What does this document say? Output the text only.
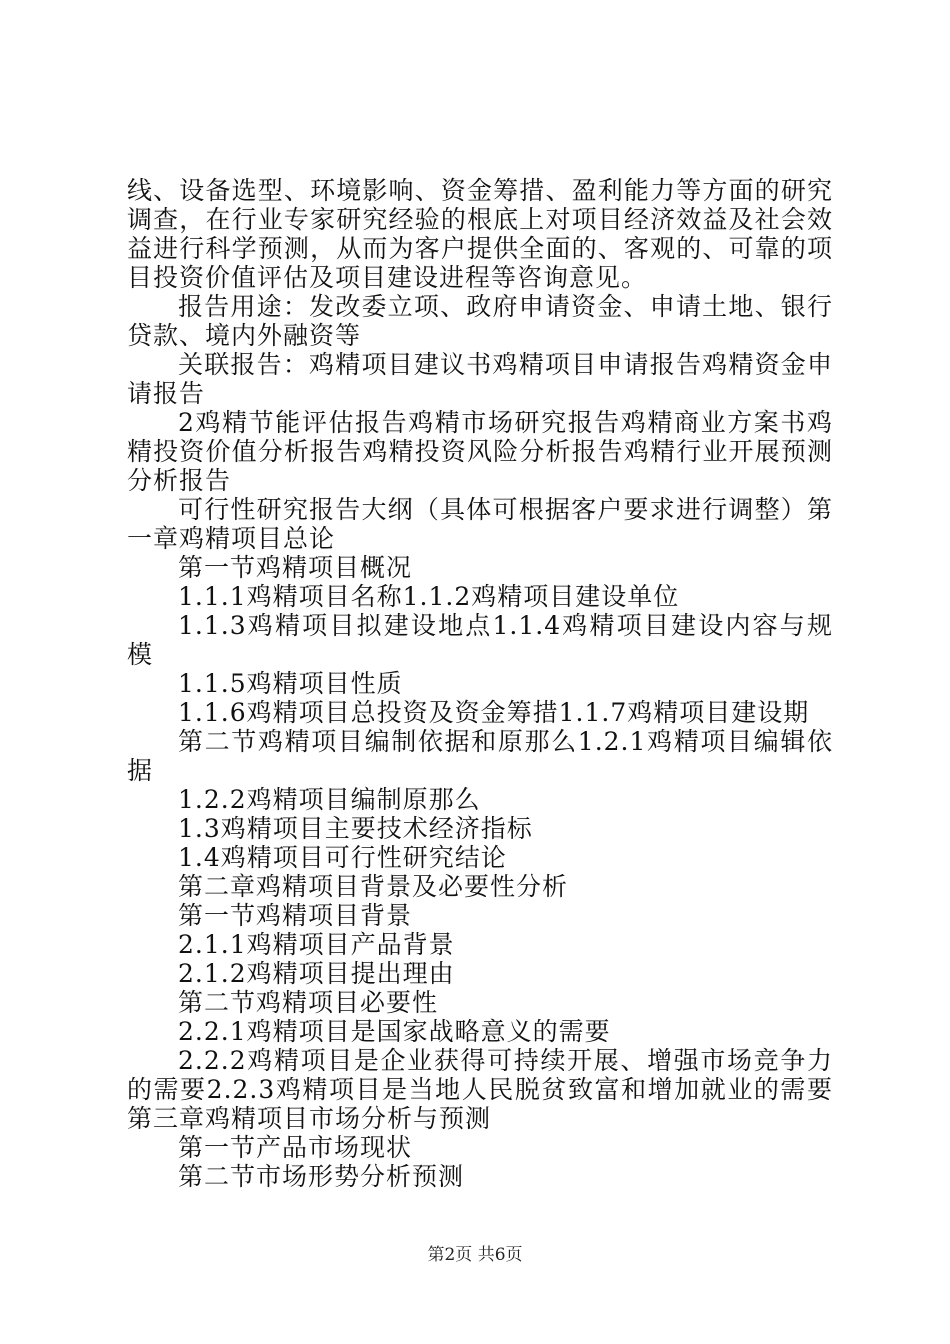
线、设备选型、环境影响、资金筹措、盈利能力等方面的研究调查，在行业专家研究经验的根底上对项目经济效益及社会效益进行科学预测，从而为客户提供全面的、客观的、可靠的项目投资价值评估及项目建设进程等咨询意见。

报告用途：发改委立项、政府申请资金、申请土地、银行贷款、境内外融资等

关联报告：鸡精项目建议书鸡精项目申请报告鸡精资金申请报告

2鸡精节能评估报告鸡精市场研究报告鸡精商业方案书鸡精投资价值分析报告鸡精投资风险分析报告鸡精行业开展预测分析报告

可行性研究报告大纲（具体可根据客户要求进行调整）第一章鸡精项目总论

第一节鸡精项目概况

1.1.1鸡精项目名称1.1.2鸡精项目建设单位

1.1.3鸡精项目拟建设地点1.1.4鸡精项目建设内容与规模

1.1.5鸡精项目性质

1.1.6鸡精项目总投资及资金筹措1.1.7鸡精项目建设期

第二节鸡精项目编制依据和原那么1.2.1鸡精项目编辑依据

1.2.2鸡精项目编制原那么

1.3鸡精项目主要技术经济指标

1.4鸡精项目可行性研究结论

第二章鸡精项目背景及必要性分析

第一节鸡精项目背景

2.1.1鸡精项目产品背景

2.1.2鸡精项目提出理由

第二节鸡精项目必要性

2.2.1鸡精项目是国家战略意义的需要

2.2.2鸡精项目是企业获得可持续开展、增强市场竞争力的需要2.2.3鸡精项目是当地人民脱贫致富和增加就业的需要第三章鸡精项目市场分析与预测

第一节产品市场现状

第二节市场形势分析预测

第2页 共6页
